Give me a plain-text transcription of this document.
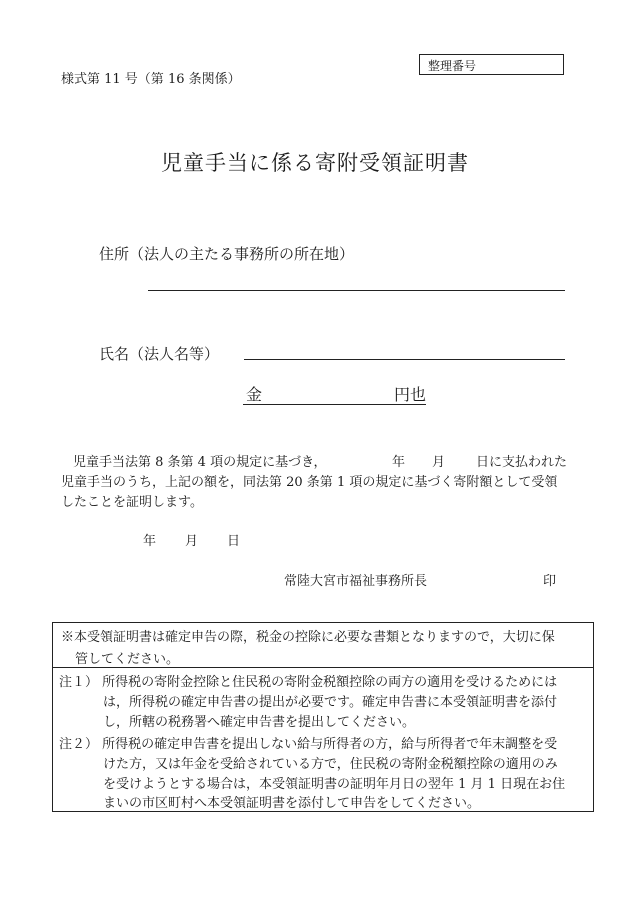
様式第 11 号（第 16 条関係）
整理番号
児童手当に係る寄附受領証明書
住所（法人の主たる事務所の所在地）
氏名（法人名等）
金	円也
児童手当法第 8 条第 4 項の規定に基づき，	年 月 日に支払われた
児童手当のうち，上記の額を，同法第 20 条第 1 項の規定に基づく寄附額として受領
したことを証明します。
年 月 日
常陸大宮市福祉事務所長	印
※本受領証明書は確定申告の際，税金の控除に必要な書類となりますので，大切に保
管してください。
注１） 所得税の寄附金控除と住民税の寄附金税額控除の両方の適用を受けるためには
は，所得税の確定申告書の提出が必要です。確定申告書に本受領証明書を添付
し，所轄の税務署へ確定申告書を提出してください。
注２） 所得税の確定申告書を提出しない給与所得者の方，給与所得者で年末調整を受
けた方，又は年金を受給されている方で，住民税の寄附金税額控除の適用のみ
を受けようとする場合は，本受領証明書の証明年月日の翌年 1 月 1 日現在お住
まいの市区町村へ本受領証明書を添付して申告をしてください。
